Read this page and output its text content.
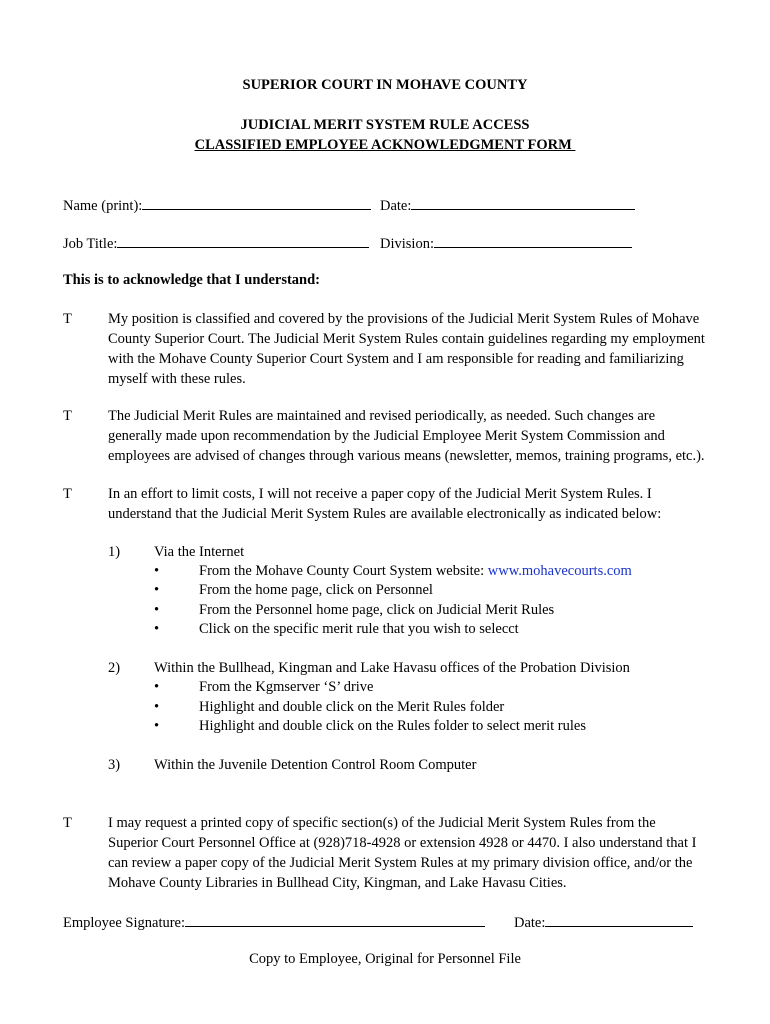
SUPERIOR COURT IN MOHAVE COUNTY
JUDICIAL MERIT SYSTEM RULE ACCESS
CLASSIFIED EMPLOYEE ACKNOWLEDGMENT FORM
Name (print):	Date:
Job Title:	Division:
This is to acknowledge that I understand:
T My position is classified and covered by the provisions of the Judicial Merit System Rules of Mohave County Superior Court. The Judicial Merit System Rules contain guidelines regarding my employment with the Mohave County Superior Court System and I am responsible for reading and familiarizing myself with these rules.
T The Judicial Merit Rules are maintained and revised periodically, as needed. Such changes are generally made upon recommendation by the Judicial Employee Merit System Commission and employees are advised of changes through various means (newsletter, memos, training programs, etc.).
T In an effort to limit costs, I will not receive a paper copy of the Judicial Merit System Rules. I understand that the Judicial Merit System Rules are available electronically as indicated below:
1) Via the Internet
•	From the Mohave County Court System website: www.mohavecourts.com
•	From the home page, click on Personnel
•	From the Personnel home page, click on Judicial Merit Rules
•	Click on the specific merit rule that you wish to selecct
2) Within the Bullhead, Kingman and Lake Havasu offices of the Probation Division
•	From the Kgmserver ‘S’ drive
•	Highlight and double click on the Merit Rules folder
•	Highlight and double click on the Rules folder to select merit rules
3) Within the Juvenile Detention Control Room Computer
T I may request a printed copy of specific section(s) of the Judicial Merit System Rules from the Superior Court Personnel Office at (928)718-4928 or extension 4928 or 4470. I also understand that I can review a paper copy of the Judicial Merit System Rules at my primary division office, and/or the Mohave County Libraries in Bullhead City, Kingman, and Lake Havasu Cities.
Employee Signature:	Date:
Copy to Employee, Original for Personnel File
